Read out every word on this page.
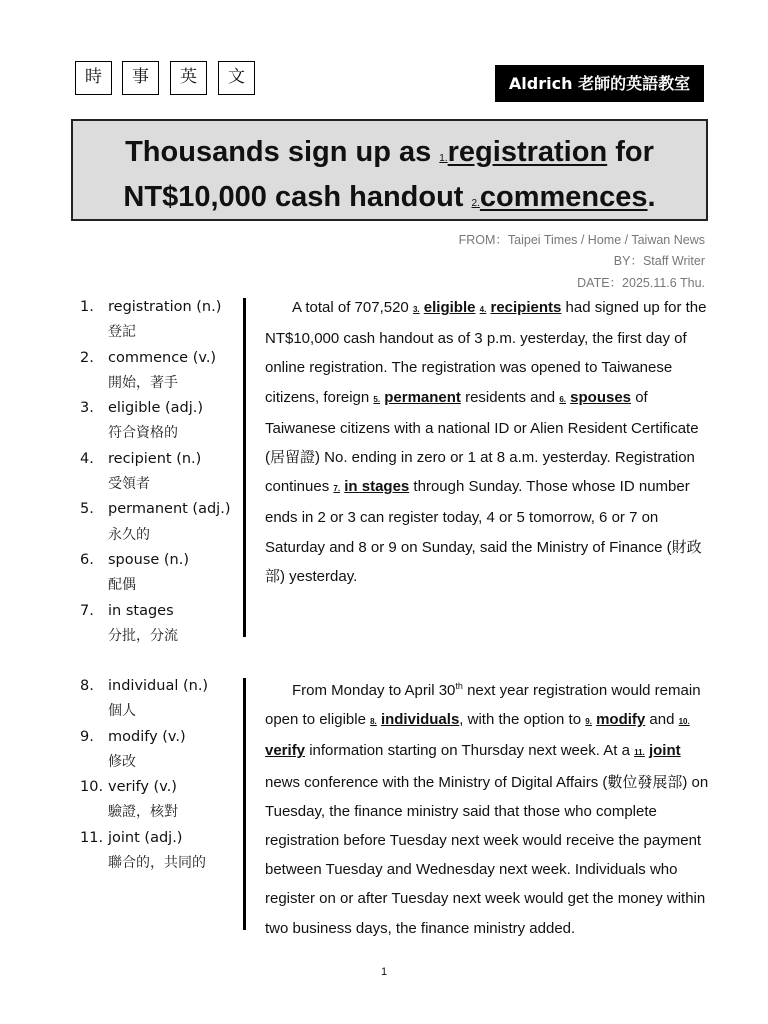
時	事	英	文	Aldrich 老師的英語教室
Thousands sign up as 1.registration for
NT$10,000 cash handout 2.commences.
FROM：Taipei Times / Home / Taiwan News
BY：Staff Writer
DATE：2025.11.6 Thu.
1. registration (n.)
登記
2. commence (v.)
開始，著手
3. eligible (adj.)
符合資格的
4. recipient (n.)
受領者
5. permanent (adj.)
永久的
6. spouse (n.)
配偶
7. in stages
分批，分流

A total of 707,520 3. eligible 4. recipients had signed up for the NT$10,000 cash handout as of 3 p.m. yesterday, the first day of online registration. The registration was opened to Taiwanese citizens, foreign 5. permanent residents and 6. spouses of Taiwanese citizens with a national ID or Alien Resident Certificate (居留證) No. ending in zero or 1 at 8 a.m. yesterday. Registration continues 7. in stages through Sunday. Those whose ID number ends in 2 or 3 can register today, 4 or 5 tomorrow, 6 or 7 on Saturday and 8 or 9 on Sunday, said the Ministry of Finance (財政部) yesterday.

8. individual (n.)
個人
9. modify (v.)
修改
10. verify (v.)
驗證，核對
11. joint (adj.)
聯合的，共同的

From Monday to April 30th next year registration would remain open to eligible 8. individuals, with the option to 9. modify and 10. verify information starting on Thursday next week. At a 11. joint news conference with the Ministry of Digital Affairs (數位發展部) on Tuesday, the finance ministry said that those who complete registration before Tuesday next week would receive the payment between Tuesday and Wednesday next week. Individuals who register on or after Tuesday next week would get the money within two business days, the finance ministry added.

1
